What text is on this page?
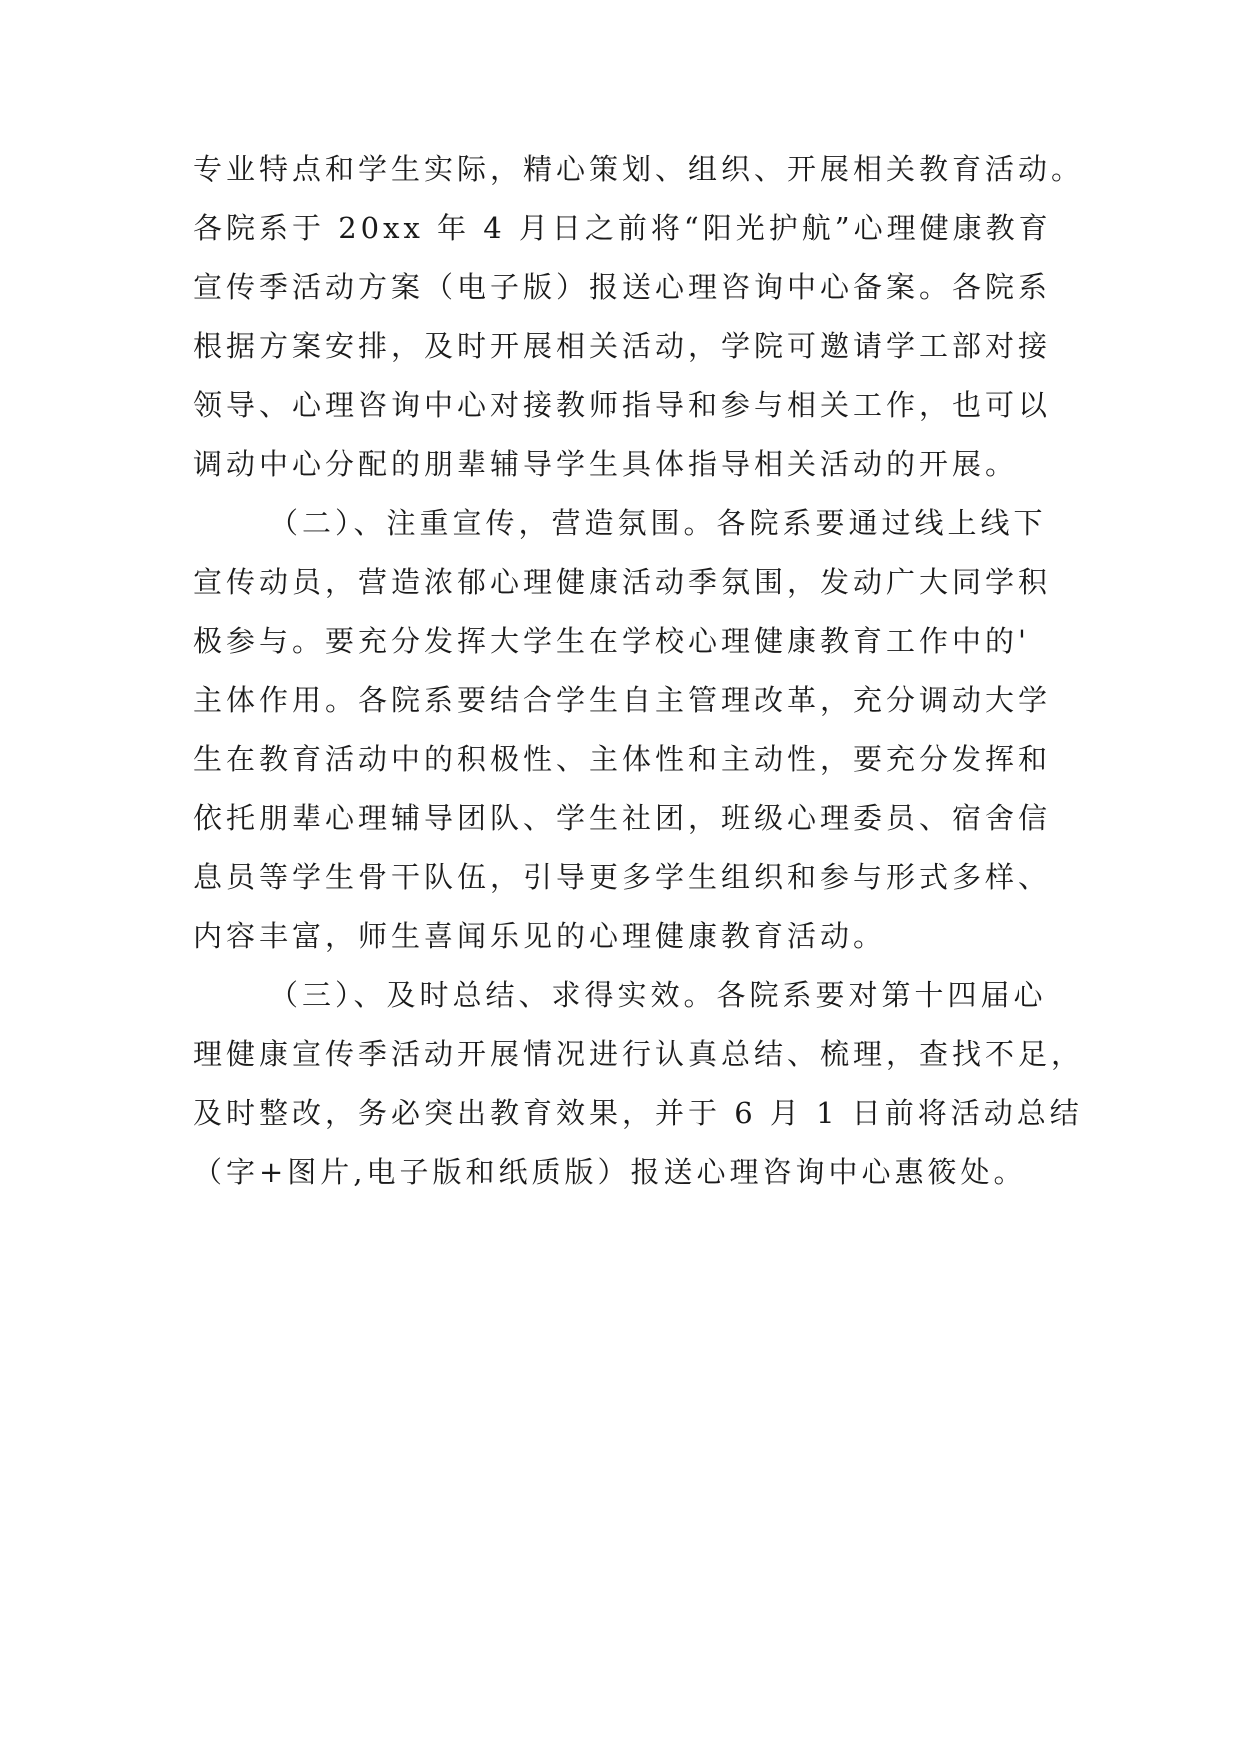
专业特点和学生实际，精心策划、组织、开展相关教育活动。
各院系于 20xx 年 4 月日之前将“阳光护航”心理健康教育
宣传季活动方案（电子版）报送心理咨询中心备案。各院系
根据方案安排，及时开展相关活动，学院可邀请学工部对接
领导、心理咨询中心对接教师指导和参与相关工作，也可以
调动中心分配的朋辈辅导学生具体指导相关活动的开展。
（二）、注重宣传，营造氛围。各院系要通过线上线下
宣传动员，营造浓郁心理健康活动季氛围，发动广大同学积
极参与。要充分发挥大学生在学校心理健康教育工作中的'
主体作用。各院系要结合学生自主管理改革，充分调动大学
生在教育活动中的积极性、主体性和主动性，要充分发挥和
依托朋辈心理辅导团队、学生社团，班级心理委员、宿舍信
息员等学生骨干队伍，引导更多学生组织和参与形式多样、
内容丰富，师生喜闻乐见的心理健康教育活动。
（三）、及时总结、求得实效。各院系要对第十四届心
理健康宣传季活动开展情况进行认真总结、梳理，查找不足，
及时整改，务必突出教育效果，并于 6 月 1 日前将活动总结
（字+图片,电子版和纸质版）报送心理咨询中心惠筱处。
